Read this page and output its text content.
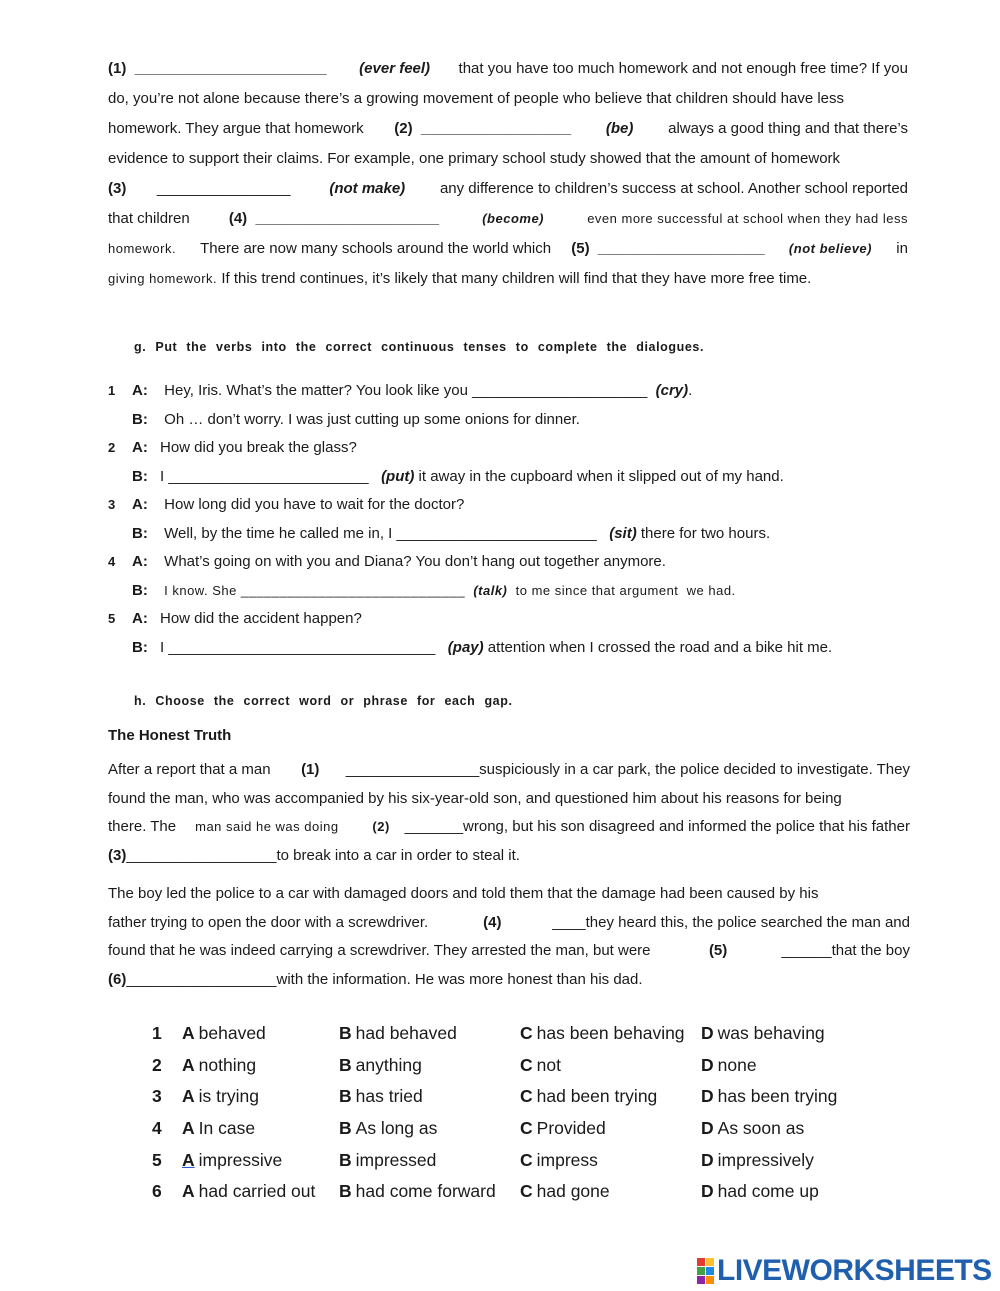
(1)  _______________________ (ever feel) that you have too much homework and not enough free time? If you
do, you’re not alone because there’s a growing movement of people who believe that children should have less
homework. They argue that homework (2)  __________________ (be) always a good thing and that there’s
evidence to support their claims. For example, one primary school study showed that the amount of homework
(3) ________________ (not make) any difference to children’s success at school. Another school reported
that children (4)  ______________________	(become)	even more successful at school when they had less
homework. There are now many schools around the world which (5)  ____________________ (not believe) in
giving homework. If this trend continues, it’s likely that many children will find that they have more free time.
g. Put the verbs into the correct continuous tenses to complete the dialogues.
1 A: Hey, Iris. What’s the matter? You look like you _____________________  (cry).
B: Oh … don’t worry. I was just cutting up some onions for dinner.
2 A: How did you break the glass?
B: I ________________________   (put) it away in the cupboard when it slipped out of my hand.
3 A: How long did you have to wait for the doctor?
B: Well, by the time he called me in, I ________________________   (sit) there for two hours.
4 A: What’s going on with you and Diana? You don’t hang out together anymore.
B: I know. She _____________________________  (talk)  to me since that argument  we had.
5 A: How did the accident happen?
B: I ________________________________   (pay) attention when I crossed the road and a bike hit me.
h. Choose the correct word or phrase for each gap.
The Honest Truth
After a report that a man (1) ________________suspiciously in a car park, the police decided to investigate. They
found the man, who was accompanied by his six-year-old son, and questioned him about his reasons for being
there. The man said he was doing
	(2) _______wrong, but his son disagreed and informed the police that his father
(3) __________________to break into a car in order to steal it.
The boy led the police to a car with damaged doors and told them that the damage had been caused by his
father trying to open the door with a screwdriver.	(4)	____they heard this, the police searched the man and
found that he was indeed carrying a screwdriver. They arrested the man, but were	(5)	______that the boy
(6) __________________with the information. He was more honest than his dad.
1 A behaved	B had behaved	C has been behaving D was behaving
2 A nothing	B anything	C not	D none
3 A is trying	B has tried	C had been trying D has been trying
4 A In case	B As long as	C Provided	D As soon as
5 A impressive	B impressed	C impress	D impressively
6 A had carried out B had come forward C had gone	D had come up
LIVEWORKSHEETS
